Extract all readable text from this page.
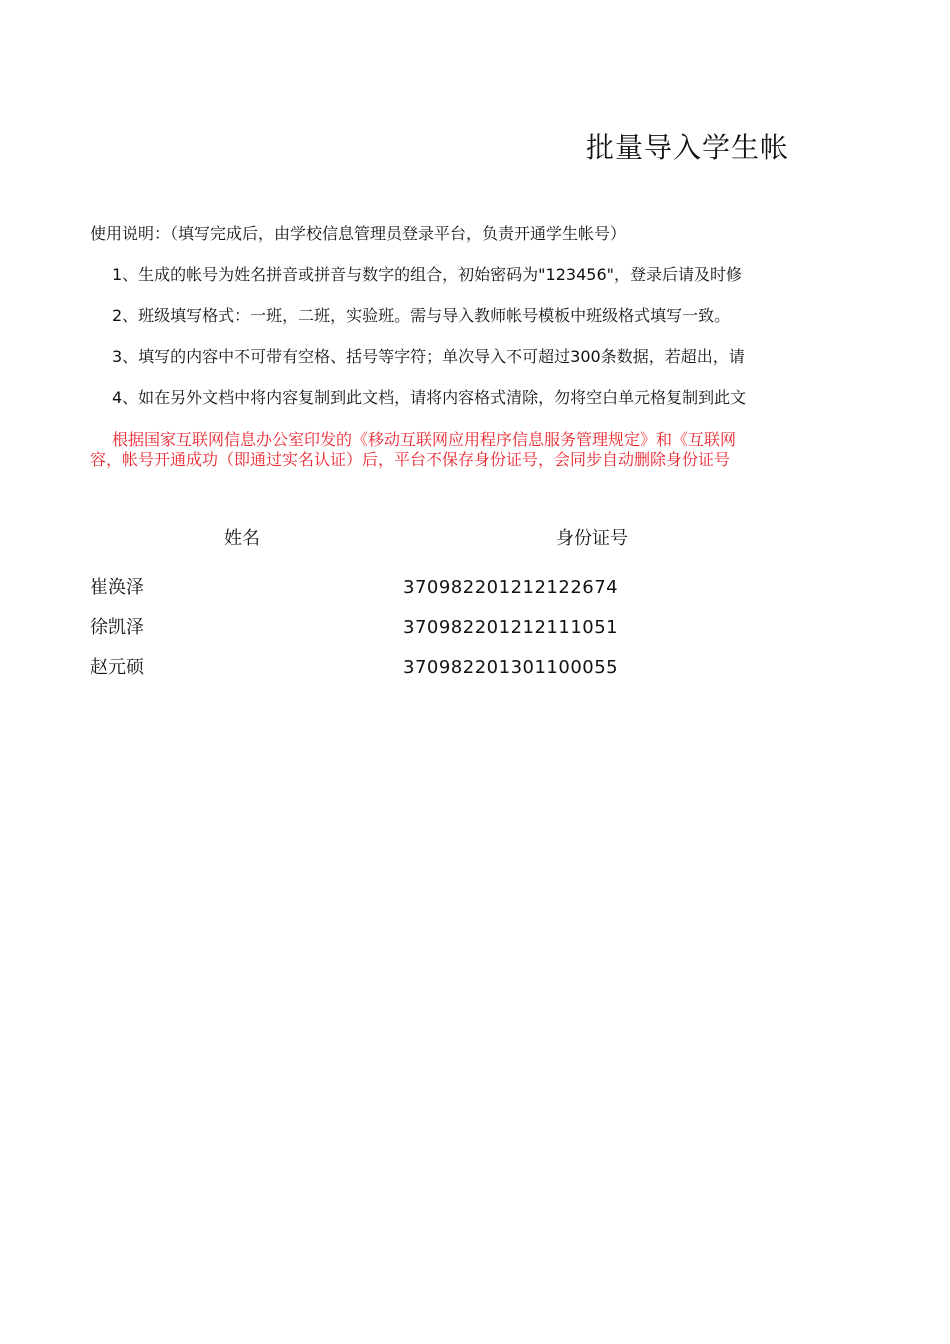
批量导入学生帐
使用说明：（填写完成后，由学校信息管理员登录平台，负责开通学生帐号）
1、生成的帐号为姓名拼音或拼音与数字的组合，初始密码为"123456"，登录后请及时修
2、班级填写格式：一班，二班，实验班。需与导入教师帐号模板中班级格式填写一致。
3、填写的内容中不可带有空格、括号等字符；单次导入不可超过300条数据，若超出，请
4、如在另外文档中将内容复制到此文档，请将内容格式清除，勿将空白单元格复制到此文
根据国家互联网信息办公室印发的《移动互联网应用程序信息服务管理规定》和《互联网
容，帐号开通成功（即通过实名认证）后，平台不保存身份证号，会同步自动删除身份证号
姓名	身份证号
崔涣泽	370982201212122674
徐凯泽	370982201212111051
赵元硕	370982201301100055
